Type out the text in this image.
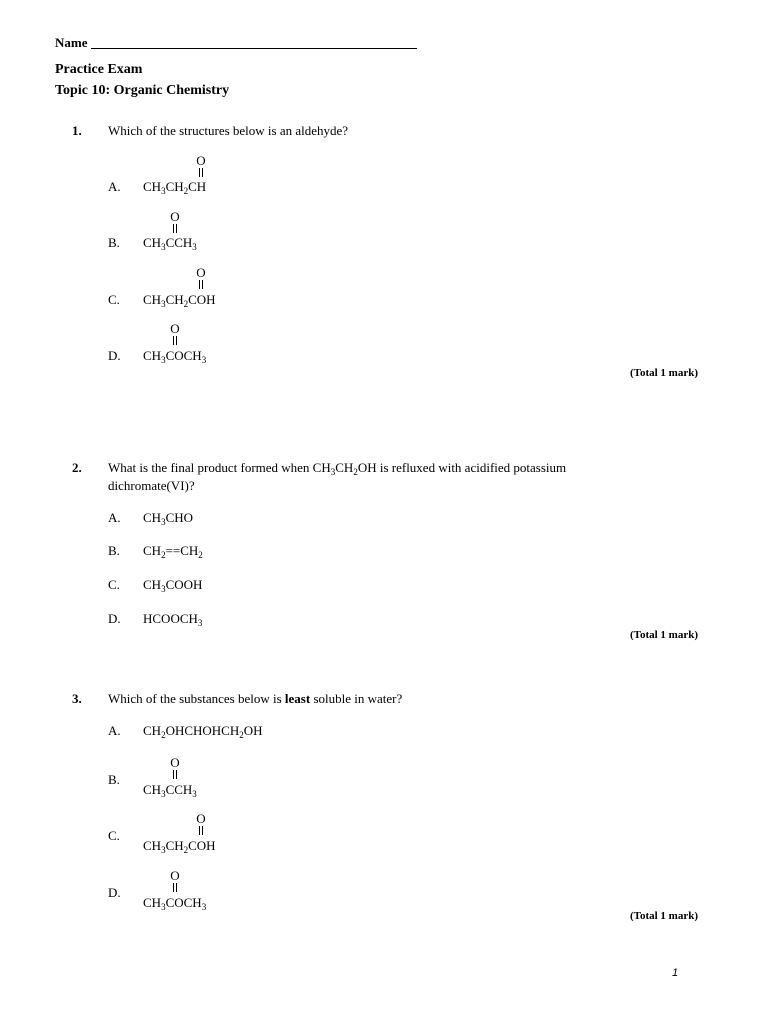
Name
Practice Exam
Topic 10: Organic Chemistry
1. Which of the structures below is an aldehyde?
A.
O
$CH_3CH_2CH$
B.
O
$CH_3CCH_3$
C.
O
$CH_3CH_2COH$
D.
O
$CH_3COCH_3$
(Total 1 mark)
2. What is the final product formed when $CH_3CH_2OH$ is refluxed with acidified potassium
dichromate(VI)?
A. $CH_3CHO$
B. $CH_2==CH_2$
C. $CH_3COOH$
D. $HCOOCH_3$
(Total 1 mark)
3. Which of the substances below is least soluble in water?
A. $CH_2OHCHOHCH_2OH$
B.
O
$CH_3CCH_3$
C.
O
$CH_3CH_2COH$
D.
O
$CH_3COCH_3$
(Total 1 mark)
1
